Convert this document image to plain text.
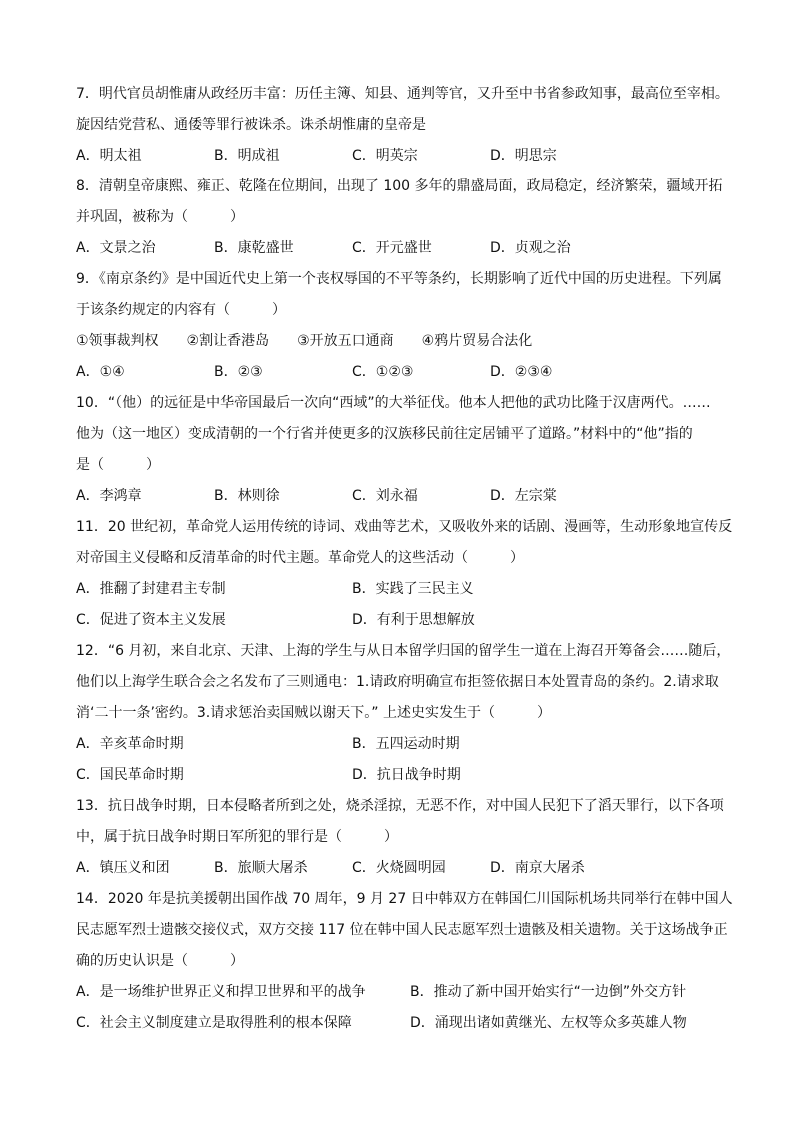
7．明代官员胡惟庸从政经历丰富：历任主簿、知县、通判等官，又升至中书省参政知事，最高位至宰相。
旋因结党营私、通倭等罪行被诛杀。诛杀胡惟庸的皇帝是
A．明太祖	B．明成祖	C．明英宗	D．明思宗
8．清朝皇帝康熙、雍正、乾隆在位期间，出现了 100 多年的鼎盛局面，政局稳定，经济繁荣，疆域开拓
并巩固，被称为（　　　）
A．文景之治	B．康乾盛世	C．开元盛世	D．贞观之治
9．《南京条约》是中国近代史上第一个丧权辱国的不平等条约，长期影响了近代中国的历史进程。下列属
于该条约规定的内容有（　　　）
①领事裁判权　　②割让香港岛　　③开放五口通商　　④鸦片贸易合法化
A．①④	B．②③	C．①②③	D．②③④
10．“（他）的远征是中华帝国最后一次向“西域”的大举征伐。他本人把他的武功比隆于汉唐两代。……
他为（这一地区）变成清朝的一个行省并使更多的汉族移民前往定居铺平了道路。”材料中的“他”指的
是（　　　）
A．李鸿章	B．林则徐	C．刘永福	D．左宗棠
11．20 世纪初，革命党人运用传统的诗词、戏曲等艺术，又吸收外来的话剧、漫画等，生动形象地宣传反
对帝国主义侵略和反清革命的时代主题。革命党人的这些活动（　　　）
A．推翻了封建君主专制	B．实践了三民主义
C．促进了资本主义发展	D．有利于思想解放
12．“6 月初，来自北京、天津、上海的学生与从日本留学归国的留学生一道在上海召开筹备会……随后，
他们以上海学生联合会之名发布了三则通电：1.请政府明确宣布拒签依据日本处置青岛的条约。2.请求取
消‘二十一条’密约。3.请求惩治卖国贼以谢天下。” 上述史实发生于（　　　）
A．辛亥革命时期	B．五四运动时期
C．国民革命时期	D．抗日战争时期
13．抗日战争时期，日本侵略者所到之处，烧杀淫掠，无恶不作，对中国人民犯下了滔天罪行，以下各项
中，属于抗日战争时期日军所犯的罪行是（　　　）
A．镇压义和团	B．旅顺大屠杀	C．火烧圆明园	D．南京大屠杀
14．2020 年是抗美援朝出国作战 70 周年，9 月 27 日中韩双方在韩国仁川国际机场共同举行在韩中国人
民志愿军烈士遗骸交接仪式，双方交接 117 位在韩中国人民志愿军烈士遗骸及相关遗物。关于这场战争正
确的历史认识是（　　　）
A．是一场维护世界正义和捍卫世界和平的战争	B．推动了新中国开始实行“一边倒”外交方针
C．社会主义制度建立是取得胜利的根本保障	D．涌现出诸如黄继光、左权等众多英雄人物
